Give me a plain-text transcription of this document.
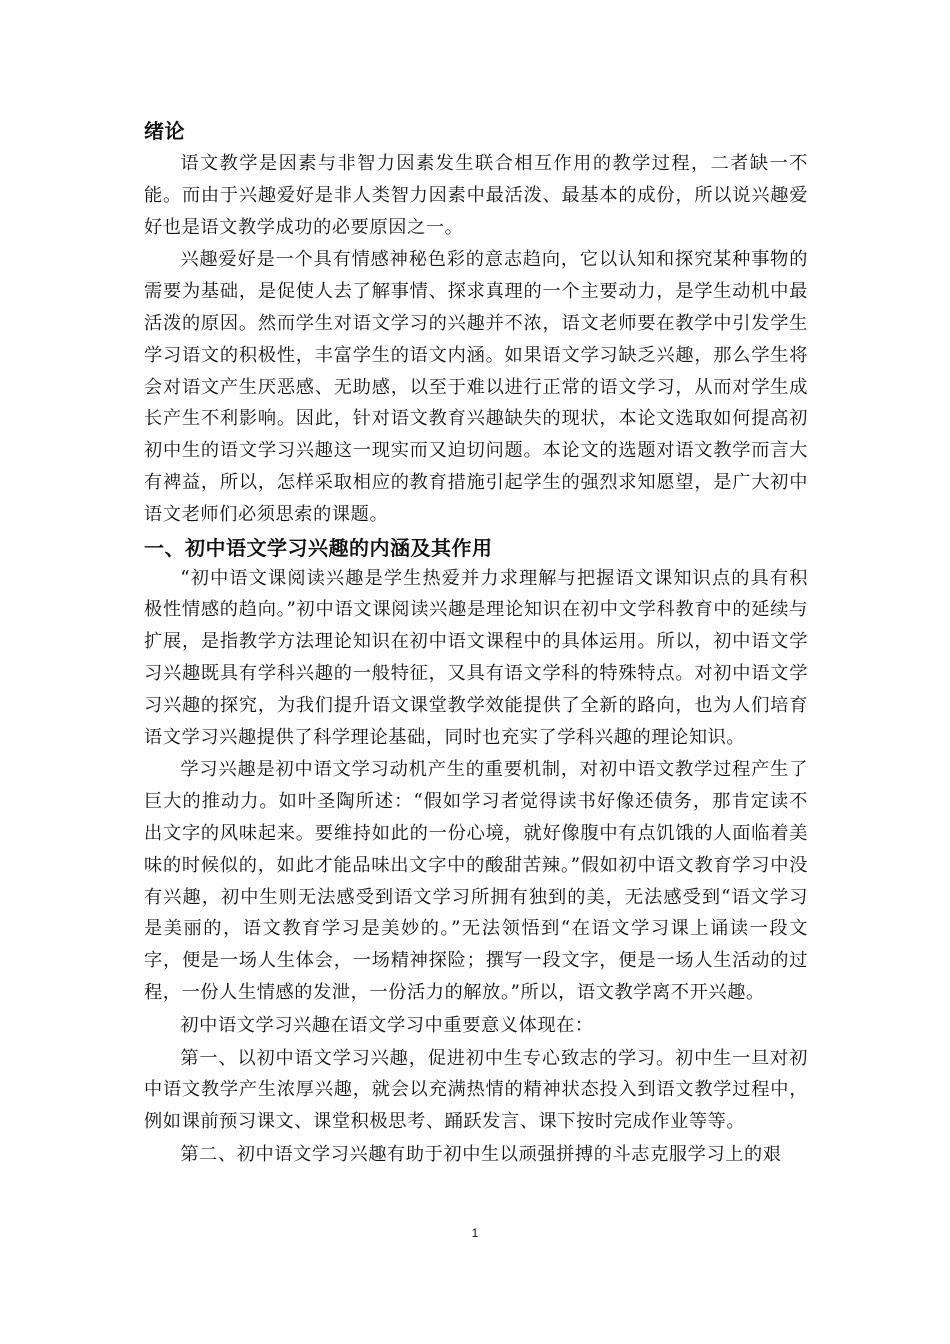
绪论

语文教学是因素与非智力因素发生联合相互作用的教学过程，二者缺一不能。而由于兴趣爱好是非人类智力因素中最活泼、最基本的成份，所以说兴趣爱好也是语文教学成功的必要原因之一。

兴趣爱好是一个具有情感神秘色彩的意志趋向，它以认知和探究某种事物的需要为基础，是促使人去了解事情、探求真理的一个主要动力，是学生动机中最活泼的原因。然而学生对语文学习的兴趣并不浓，语文老师要在教学中引发学生学习语文的积极性，丰富学生的语文内涵。如果语文学习缺乏兴趣，那么学生将会对语文产生厌恶感、无助感，以至于难以进行正常的语文学习，从而对学生成长产生不利影响。因此，针对语文教育兴趣缺失的现状，本论文选取如何提高初初中生的语文学习兴趣这一现实而又迫切问题。本论文的选题对语文教学而言大有裨益，所以，怎样采取相应的教育措施引起学生的强烈求知愿望，是广大初中语文老师们必须思索的课题。

一、初中语文学习兴趣的内涵及其作用

“初中语文课阅读兴趣是学生热爱并力求理解与把握语文课知识点的具有积极性情感的趋向。”初中语文课阅读兴趣是理论知识在初中文学科教育中的延续与扩展，是指教学方法理论知识在初中语文课程中的具体运用。所以，初中语文学习兴趣既具有学科兴趣的一般特征，又具有语文学科的特殊特点。对初中语文学习兴趣的探究，为我们提升语文课堂教学效能提供了全新的路向，也为人们培育语文学习兴趣提供了科学理论基础，同时也充实了学科兴趣的理论知识。

学习兴趣是初中语文学习动机产生的重要机制，对初中语文教学过程产生了巨大的推动力。如叶圣陶所述：“假如学习者觉得读书好像还债务，那肯定读不出文字的风味起来。要维持如此的一份心境，就好像腹中有点饥饿的人面临着美味的时候似的，如此才能品味出文字中的酸甜苦辣。”假如初中语文教育学习中没有兴趣，初中生则无法感受到语文学习所拥有独到的美，无法感受到“语文学习是美丽的，语文教育学习是美妙的。”无法领悟到“在语文学习课上诵读一段文字，便是一场人生体会，一场精神探险；撰写一段文字，便是一场人生活动的过程，一份人生情感的发泄，一份活力的解放。”所以，语文教学离不开兴趣。

初中语文学习兴趣在语文学习中重要意义体现在：

第一、以初中语文学习兴趣，促进初中生专心致志的学习。初中生一旦对初中语文教学产生浓厚兴趣，就会以充满热情的精神状态投入到语文教学过程中，例如课前预习课文、课堂积极思考、踊跃发言、课下按时完成作业等等。

第二、初中语文学习兴趣有助于初中生以顽强拼搏的斗志克服学习上的艰

1
